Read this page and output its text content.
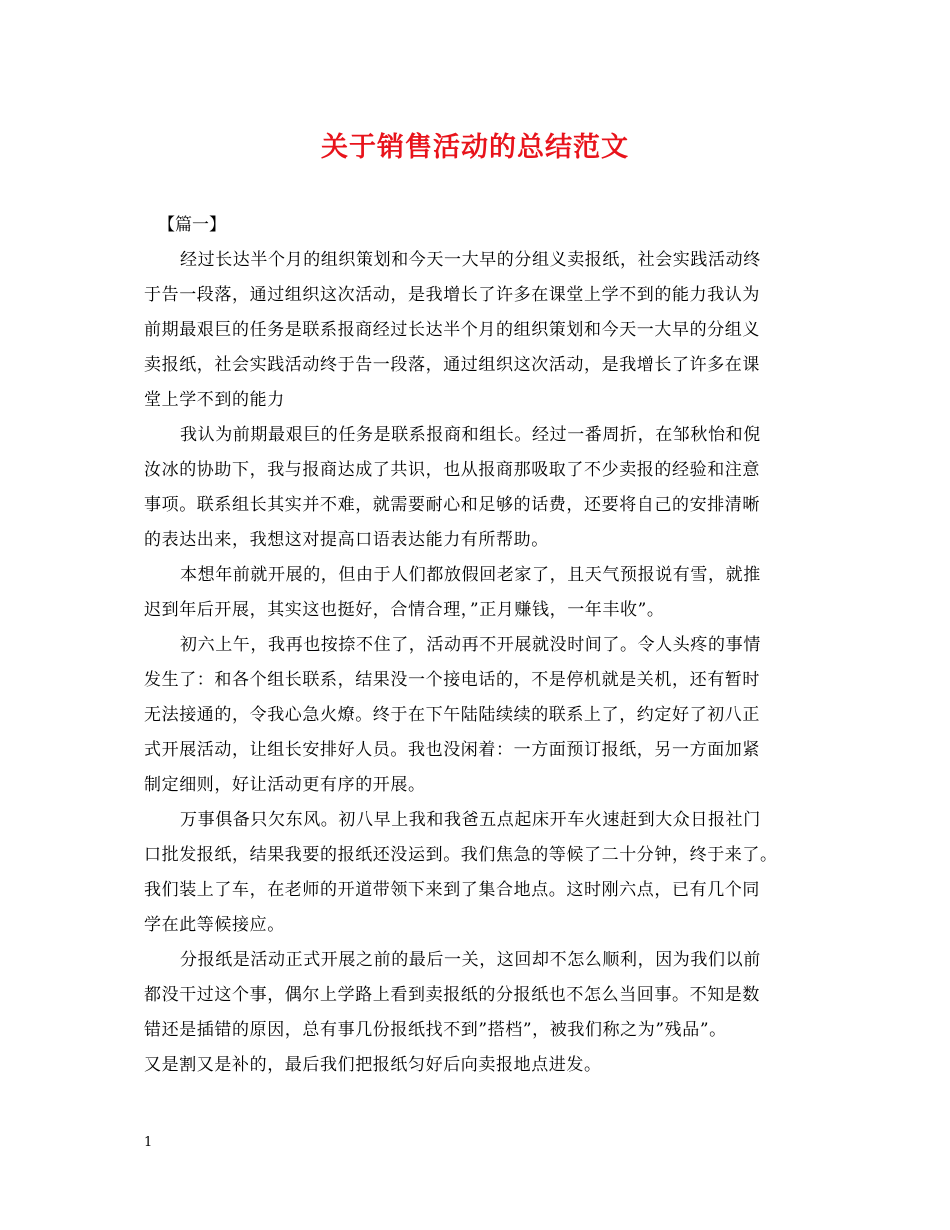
关于销售活动的总结范文

【篇一】

经过长达半个月的组织策划和今天一大早的分组义卖报纸，社会实践活动终
于告一段落，通过组织这次活动，是我增长了许多在课堂上学不到的能力我认为
前期最艰巨的任务是联系报商经过长达半个月的组织策划和今天一大早的分组义
卖报纸，社会实践活动终于告一段落，通过组织这次活动，是我增长了许多在课
堂上学不到的能力
我认为前期最艰巨的任务是联系报商和组长。经过一番周折，在邹秋怡和倪
汝冰的协助下，我与报商达成了共识，也从报商那吸取了不少卖报的经验和注意
事项。联系组长其实并不难，就需要耐心和足够的话费，还要将自己的安排清晰
的表达出来，我想这对提高口语表达能力有所帮助。
本想年前就开展的，但由于人们都放假回老家了，且天气预报说有雪，就推
迟到年后开展，其实这也挺好，合情合理，”正月赚钱，一年丰收”。
初六上午，我再也按捺不住了，活动再不开展就没时间了。令人头疼的事情
发生了：和各个组长联系，结果没一个接电话的，不是停机就是关机，还有暂时
无法接通的，令我心急火燎。终于在下午陆陆续续的联系上了，约定好了初八正
式开展活动，让组长安排好人员。我也没闲着：一方面预订报纸，另一方面加紧
制定细则，好让活动更有序的开展。
万事俱备只欠东风。初八早上我和我爸五点起床开车火速赶到大众日报社门
口批发报纸，结果我要的报纸还没运到。我们焦急的等候了二十分钟，终于来了。
我们装上了车，在老师的开道带领下来到了集合地点。这时刚六点，已有几个同
学在此等候接应。
分报纸是活动正式开展之前的最后一关，这回却不怎么顺利，因为我们以前
都没干过这个事，偶尔上学路上看到卖报纸的分报纸也不怎么当回事。不知是数
错还是插错的原因，总有事几份报纸找不到”搭档”，被我们称之为”残品”。
又是割又是补的，最后我们把报纸匀好后向卖报地点进发。
1
